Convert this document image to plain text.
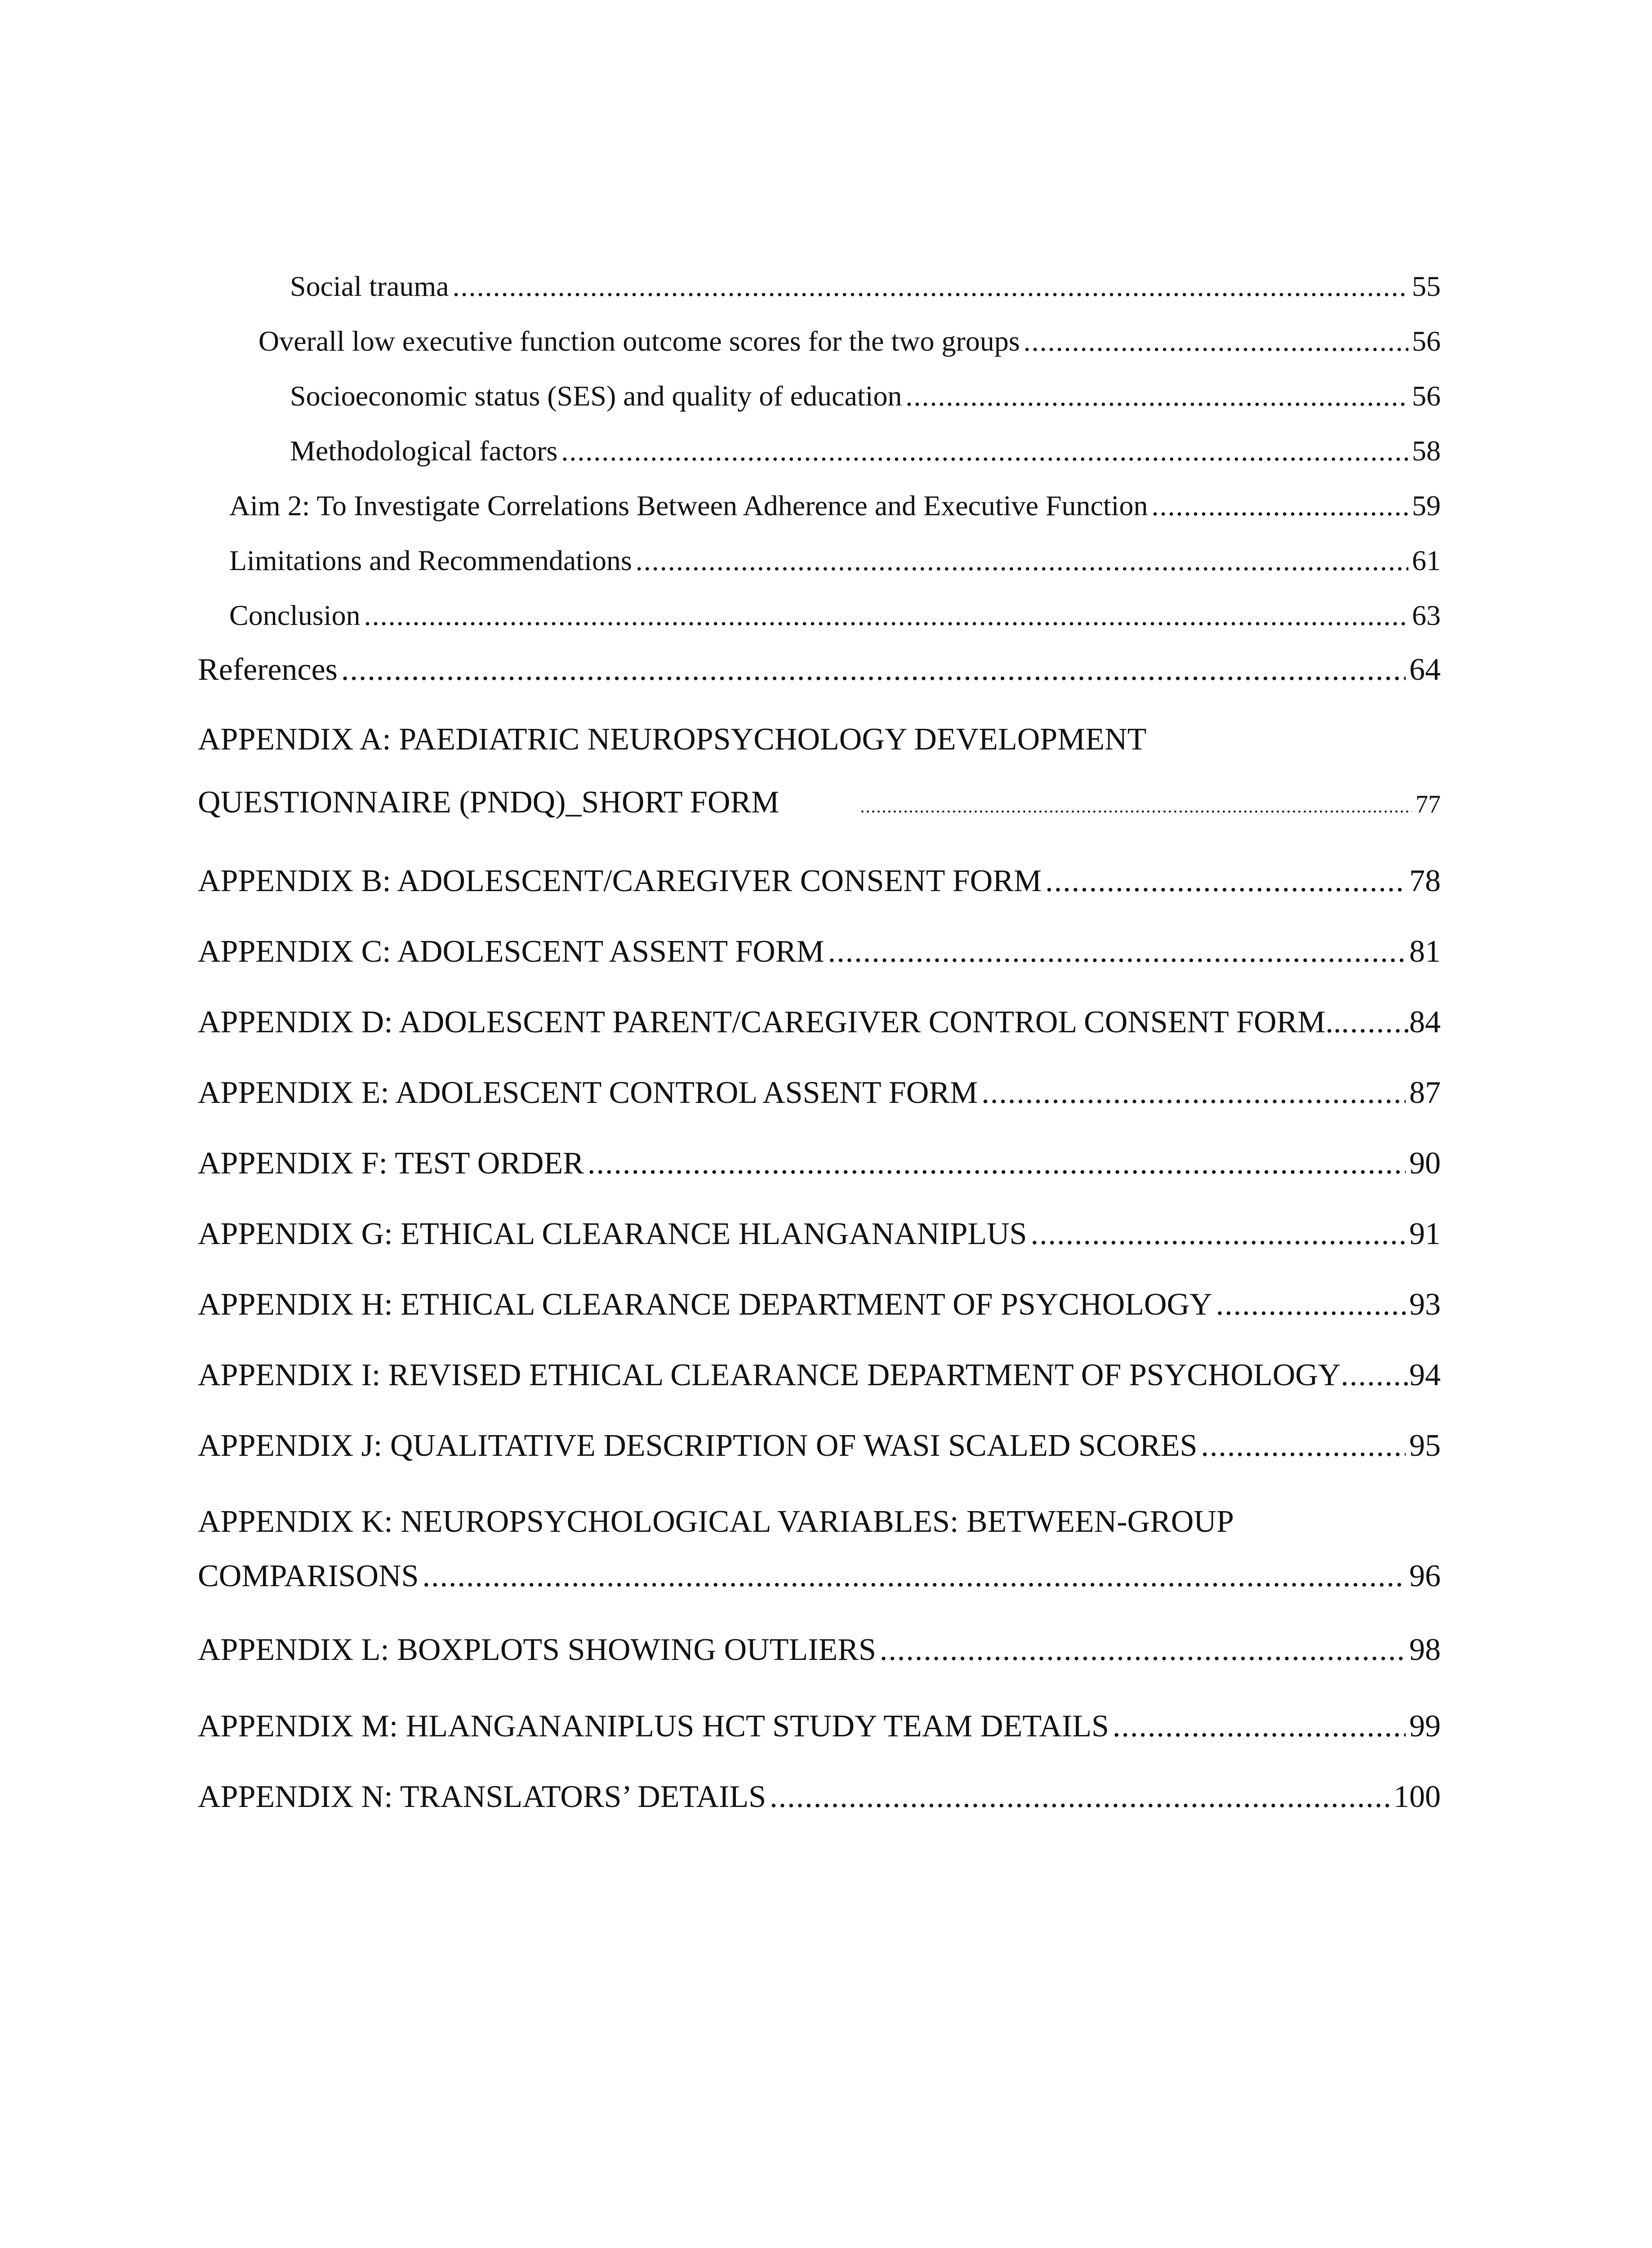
Social trauma .....	55
Overall low executive function outcome scores for the two groups .....	56
Socioeconomic status (SES) and quality of education .....	56
Methodological factors .....	58
Aim 2: To Investigate Correlations Between Adherence and Executive Function .....	59
Limitations and Recommendations .....	61
Conclusion .....	63
References .....	64
APPENDIX A: PAEDIATRIC NEUROPSYCHOLOGY DEVELOPMENT
QUESTIONNAIRE (PNDQ)_SHORT FORM .....	77
APPENDIX B: ADOLESCENT/CAREGIVER CONSENT FORM .....	78
APPENDIX C: ADOLESCENT ASSENT FORM .....	81
APPENDIX D: ADOLESCENT PARENT/CAREGIVER CONTROL CONSENT FORM.. ..... 84
APPENDIX E: ADOLESCENT CONTROL ASSENT FORM .....	87
APPENDIX F: TEST ORDER .....	90
APPENDIX G: ETHICAL CLEARANCE HLANGANANIPLUS .....	91
APPENDIX H: ETHICAL CLEARANCE DEPARTMENT OF PSYCHOLOGY .....	93
APPENDIX I: REVISED ETHICAL CLEARANCE DEPARTMENT OF PSYCHOLOGY ..... 94
APPENDIX J: QUALITATIVE DESCRIPTION OF WASI SCALED SCORES .....	95
APPENDIX K: NEUROPSYCHOLOGICAL VARIABLES: BETWEEN-GROUP
COMPARISONS .....	96
APPENDIX L: BOXPLOTS SHOWING OUTLIERS .....	98
APPENDIX M: HLANGANANIPLUS HCT STUDY TEAM DETAILS .....	99
APPENDIX N: TRANSLATORS’ DETAILS .....	100
